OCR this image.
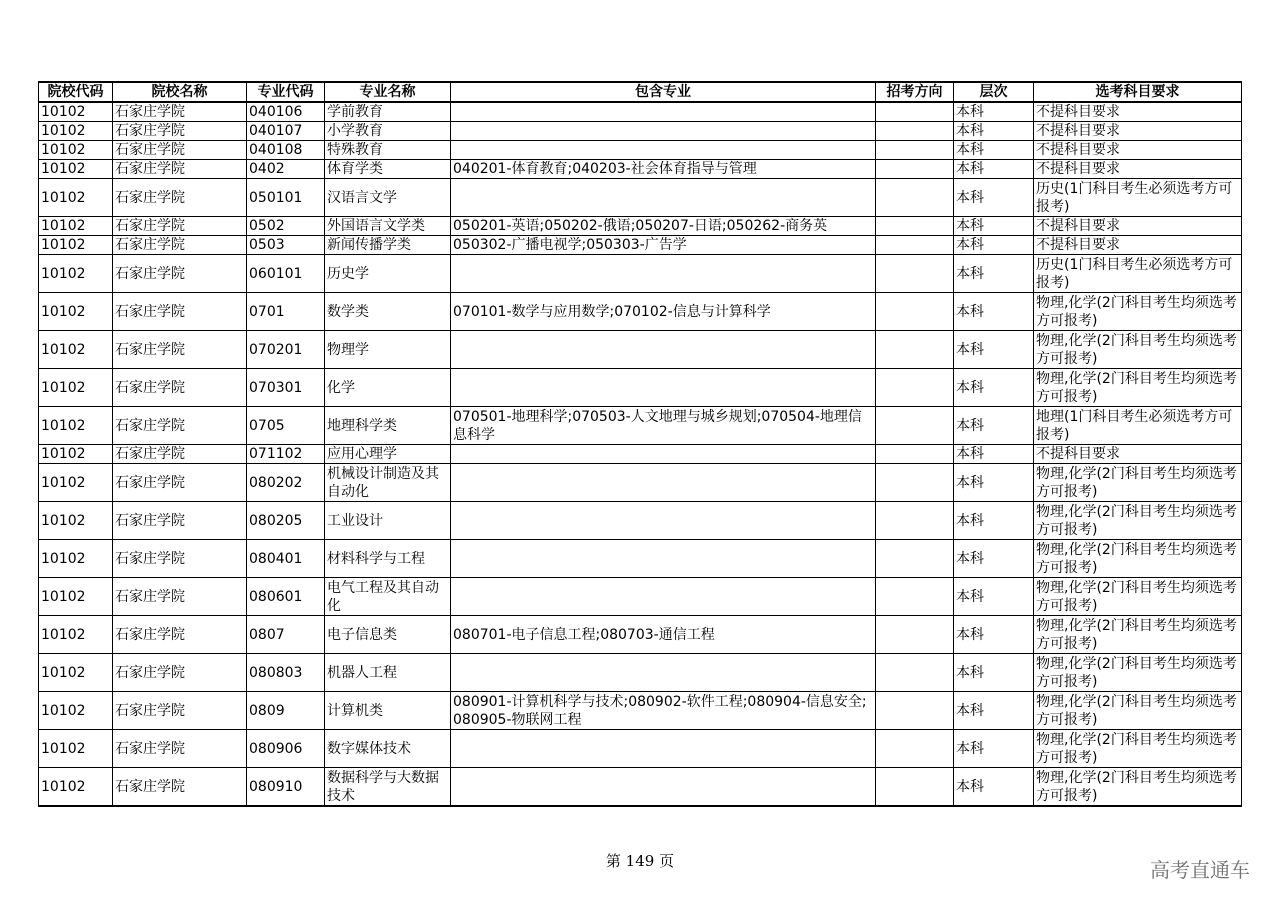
院校代码	院校名称	专业代码	专业名称	包含专业	招考方向	层次	选考科目要求
10102	石家庄学院	040106	学前教育			本科	不提科目要求
10102	石家庄学院	040107	小学教育			本科	不提科目要求
10102	石家庄学院	040108	特殊教育			本科	不提科目要求
10102	石家庄学院	0402	体育学类	040201-体育教育;040203-社会体育指导与管理		本科	不提科目要求
10102	石家庄学院	050101	汉语言文学			本科	历史(1门科目考生必须选考方可报考)
10102	石家庄学院	0502	外国语言文学类	050201-英语;050202-俄语;050207-日语;050262-商务英		本科	不提科目要求
10102	石家庄学院	0503	新闻传播学类	050302-广播电视学;050303-广告学		本科	不提科目要求
10102	石家庄学院	060101	历史学			本科	历史(1门科目考生必须选考方可报考)
10102	石家庄学院	0701	数学类	070101-数学与应用数学;070102-信息与计算科学		本科	物理,化学(2门科目考生均须选考方可报考)
10102	石家庄学院	070201	物理学			本科	物理,化学(2门科目考生均须选考方可报考)
10102	石家庄学院	070301	化学			本科	物理,化学(2门科目考生均须选考方可报考)
10102	石家庄学院	0705	地理科学类	070501-地理科学;070503-人文地理与城乡规划;070504-地理信息科学		本科	地理(1门科目考生必须选考方可报考)
10102	石家庄学院	071102	应用心理学			本科	不提科目要求
10102	石家庄学院	080202	机械设计制造及其自动化			本科	物理,化学(2门科目考生均须选考方可报考)
10102	石家庄学院	080205	工业设计			本科	物理,化学(2门科目考生均须选考方可报考)
10102	石家庄学院	080401	材料科学与工程			本科	物理,化学(2门科目考生均须选考方可报考)
10102	石家庄学院	080601	电气工程及其自动化			本科	物理,化学(2门科目考生均须选考方可报考)
10102	石家庄学院	0807	电子信息类	080701-电子信息工程;080703-通信工程		本科	物理,化学(2门科目考生均须选考方可报考)
10102	石家庄学院	080803	机器人工程			本科	物理,化学(2门科目考生均须选考方可报考)
10102	石家庄学院	0809	计算机类	080901-计算机科学与技术;080902-软件工程;080904-信息安全;080905-物联网工程		本科	物理,化学(2门科目考生均须选考方可报考)
10102	石家庄学院	080906	数字媒体技术			本科	物理,化学(2门科目考生均须选考方可报考)
10102	石家庄学院	080910	数据科学与大数据技术			本科	物理,化学(2门科目考生均须选考方可报考)
第 149 页	高考直通车
